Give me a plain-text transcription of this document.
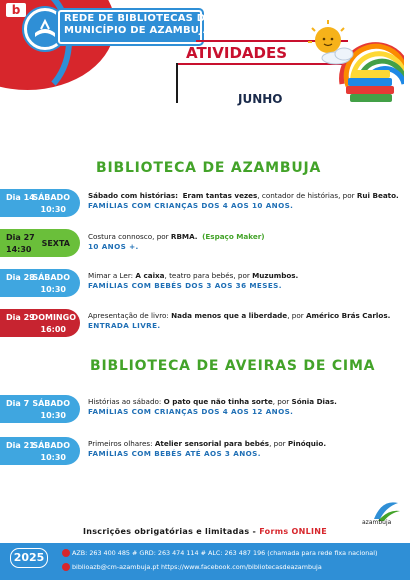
b
REDE DE BIBLIOTECAS DO
MUNICÍPIO DE AZAMBUJA
ATIVIDADES
JUNHO
BIBLIOTECA DE AZAMBUJA
Dia 14
SÁBADO
10:30
Sábado com histórias: Eram tantas vezes, contador de histórias, por Rui Beato.
FAMÍLIAS COM CRIANÇAS DOS 4 AOS 10 ANOS.
Dia 27
SEXTA
14:30
Costura connosco, por RBMA. (Espaço Maker)
10 ANOS +.
Dia 28
SÁBADO
10:30
Mimar a Ler: A caixa, teatro para bebés, por Muzumbos.
FAMÍLIAS COM BEBÉS DOS 3 AOS 36 MESES.
Dia 29
DOMINGO
16:00
Apresentação de livro: Nada menos que a liberdade, por Américo Brás Carlos.
ENTRADA LIVRE.
BIBLIOTECA DE AVEIRAS DE CIMA
Dia 7 SÁBADO
10:30
Histórias ao sábado: O pato que não tinha sorte, por Sónia Dias.
FAMÍLIAS COM CRIANÇAS DOS 4 AOS 12 ANOS.
Dia 21
SÁBADO
10:30
Primeiros olhares: Atelier sensorial para bebés, por Pinóquio.
FAMÍLIAS COM BEBÉS ATÉ AOS 3 ANOS.
azambuja
Inscrições obrigatórias e limitadas - Forms ONLINE
2025	AZB: 263 400 485 # GRD: 263 474 114 # ALC: 263 487 196 (chamada para rede fixa nacional)
biblioazb@cm-azambuja.pt https://www.facebook.com/bibliotecasdeazambuja
